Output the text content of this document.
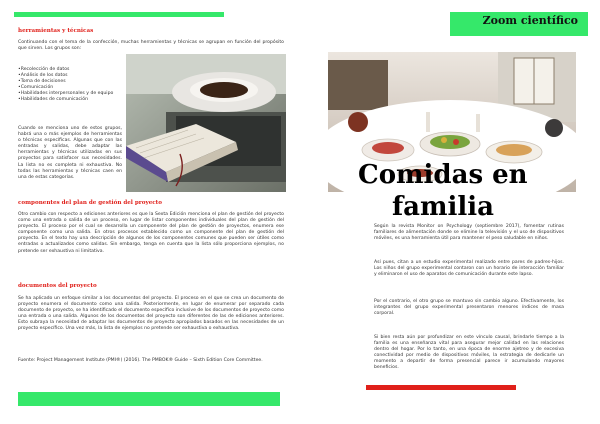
herramientas y técnicas
Continuando con el tema de la confección, muchas herramientas y técnicas se agrupan en función del propósito que sirven. Los grupos son:
•Recolección de datos
•Análisis de los datos
•Toma de decisiones
•Comunicación
•Habilidades interpersonales y de equipo
•Habilidades de comunicación
Cuando se menciona uno de estos grupos, habrá una o más ejemplos de herramientas o técnicas específicas. Algunas que con las entradas y salidas, debe adaptar las herramientas y técnicas utilizadas en sus proyectos para satisfacer sus necesidades. La lista no es completa ni exhaustiva. No todas las herramientas y técnicas caen en una de estas categorías.
componentes del plan de gestión del proyecto
Otro cambio con respecto a ediciones anteriores es que la Sexta Edición menciona el plan de gestión del proyecto como una entrada o salida de un proceso, en lugar de listar componentes individuales del plan de gestión del proyecto. El proceso por el cual se desarrolla un componente del plan de gestión de proyectos, enumera ese componente como una salida. En otros procesos establecido como un componente del plan de gestión del proyecto. En el texto hay una descripción de algunos de los componentes comunes que pueden ser útiles como entradas o actualizados como salidas. Sin embargo, tenga en cuenta que la lista sólo proporciona ejemplos, no pretende ser exhaustiva ni limitativa.
documentos del proyecto
Se ha aplicado un enfoque similar a los documentos del proyecto. El proceso en el que se crea un documento de proyecto enumera el documento como una salida. Posteriormente, en lugar de enumerar por separado cada documento de proyecto, se ha identificado el documento específico inclusive de los documentos de proyecto como una entrada o una salida. Algunos de los documentos del proyecto son diferentes de las de ediciones anteriores. Esto subraya la necesidad de adaptar los documentos de proyecto apropiados basados en las necesidades de un proyecto específico. Una vez más, la lista de ejemplos no pretende ser exhaustiva o exhaustiva.
Fuente: Project Management Institute (PMI®) (2016). The PMBOK® Guide – Sixth Edition Core Committee.
Zoom científico
Comidas en
familia
Según la revista Monitor on Psychology (septiembre 2017), fomentar rutinas familiares de alimentación donde se elimine la televisión y el uso de dispositivos móviles, es una herramienta útil para mantener el peso saludable en niños.
Así pues, citan a un estudio experimental realizado entre pares de padres-hijos. Los niños del grupo experimental contaron con un horario de interacción familiar y eliminaron el uso de aparatos de comunicación durante este lapso.
Por el contrario, el otro grupo se mantuvo sin cambio alguno. Efectivamente, los integrantes del grupo experimental presentaron menores índices de masa corporal.
Si bien resta aún por profundizar en este vínculo causal, brindarle tiempo a la familia es una enseñanza vital para asegurar mejor calidad en las relaciones dentro del hogar. Por lo tanto, en una época de enorme ajetreo y de excesiva conectividad por medio de dispositivos móviles, la estrategia de dedicarle un momento a departir de forma presencial parece ir acumulando mayores beneficios.
